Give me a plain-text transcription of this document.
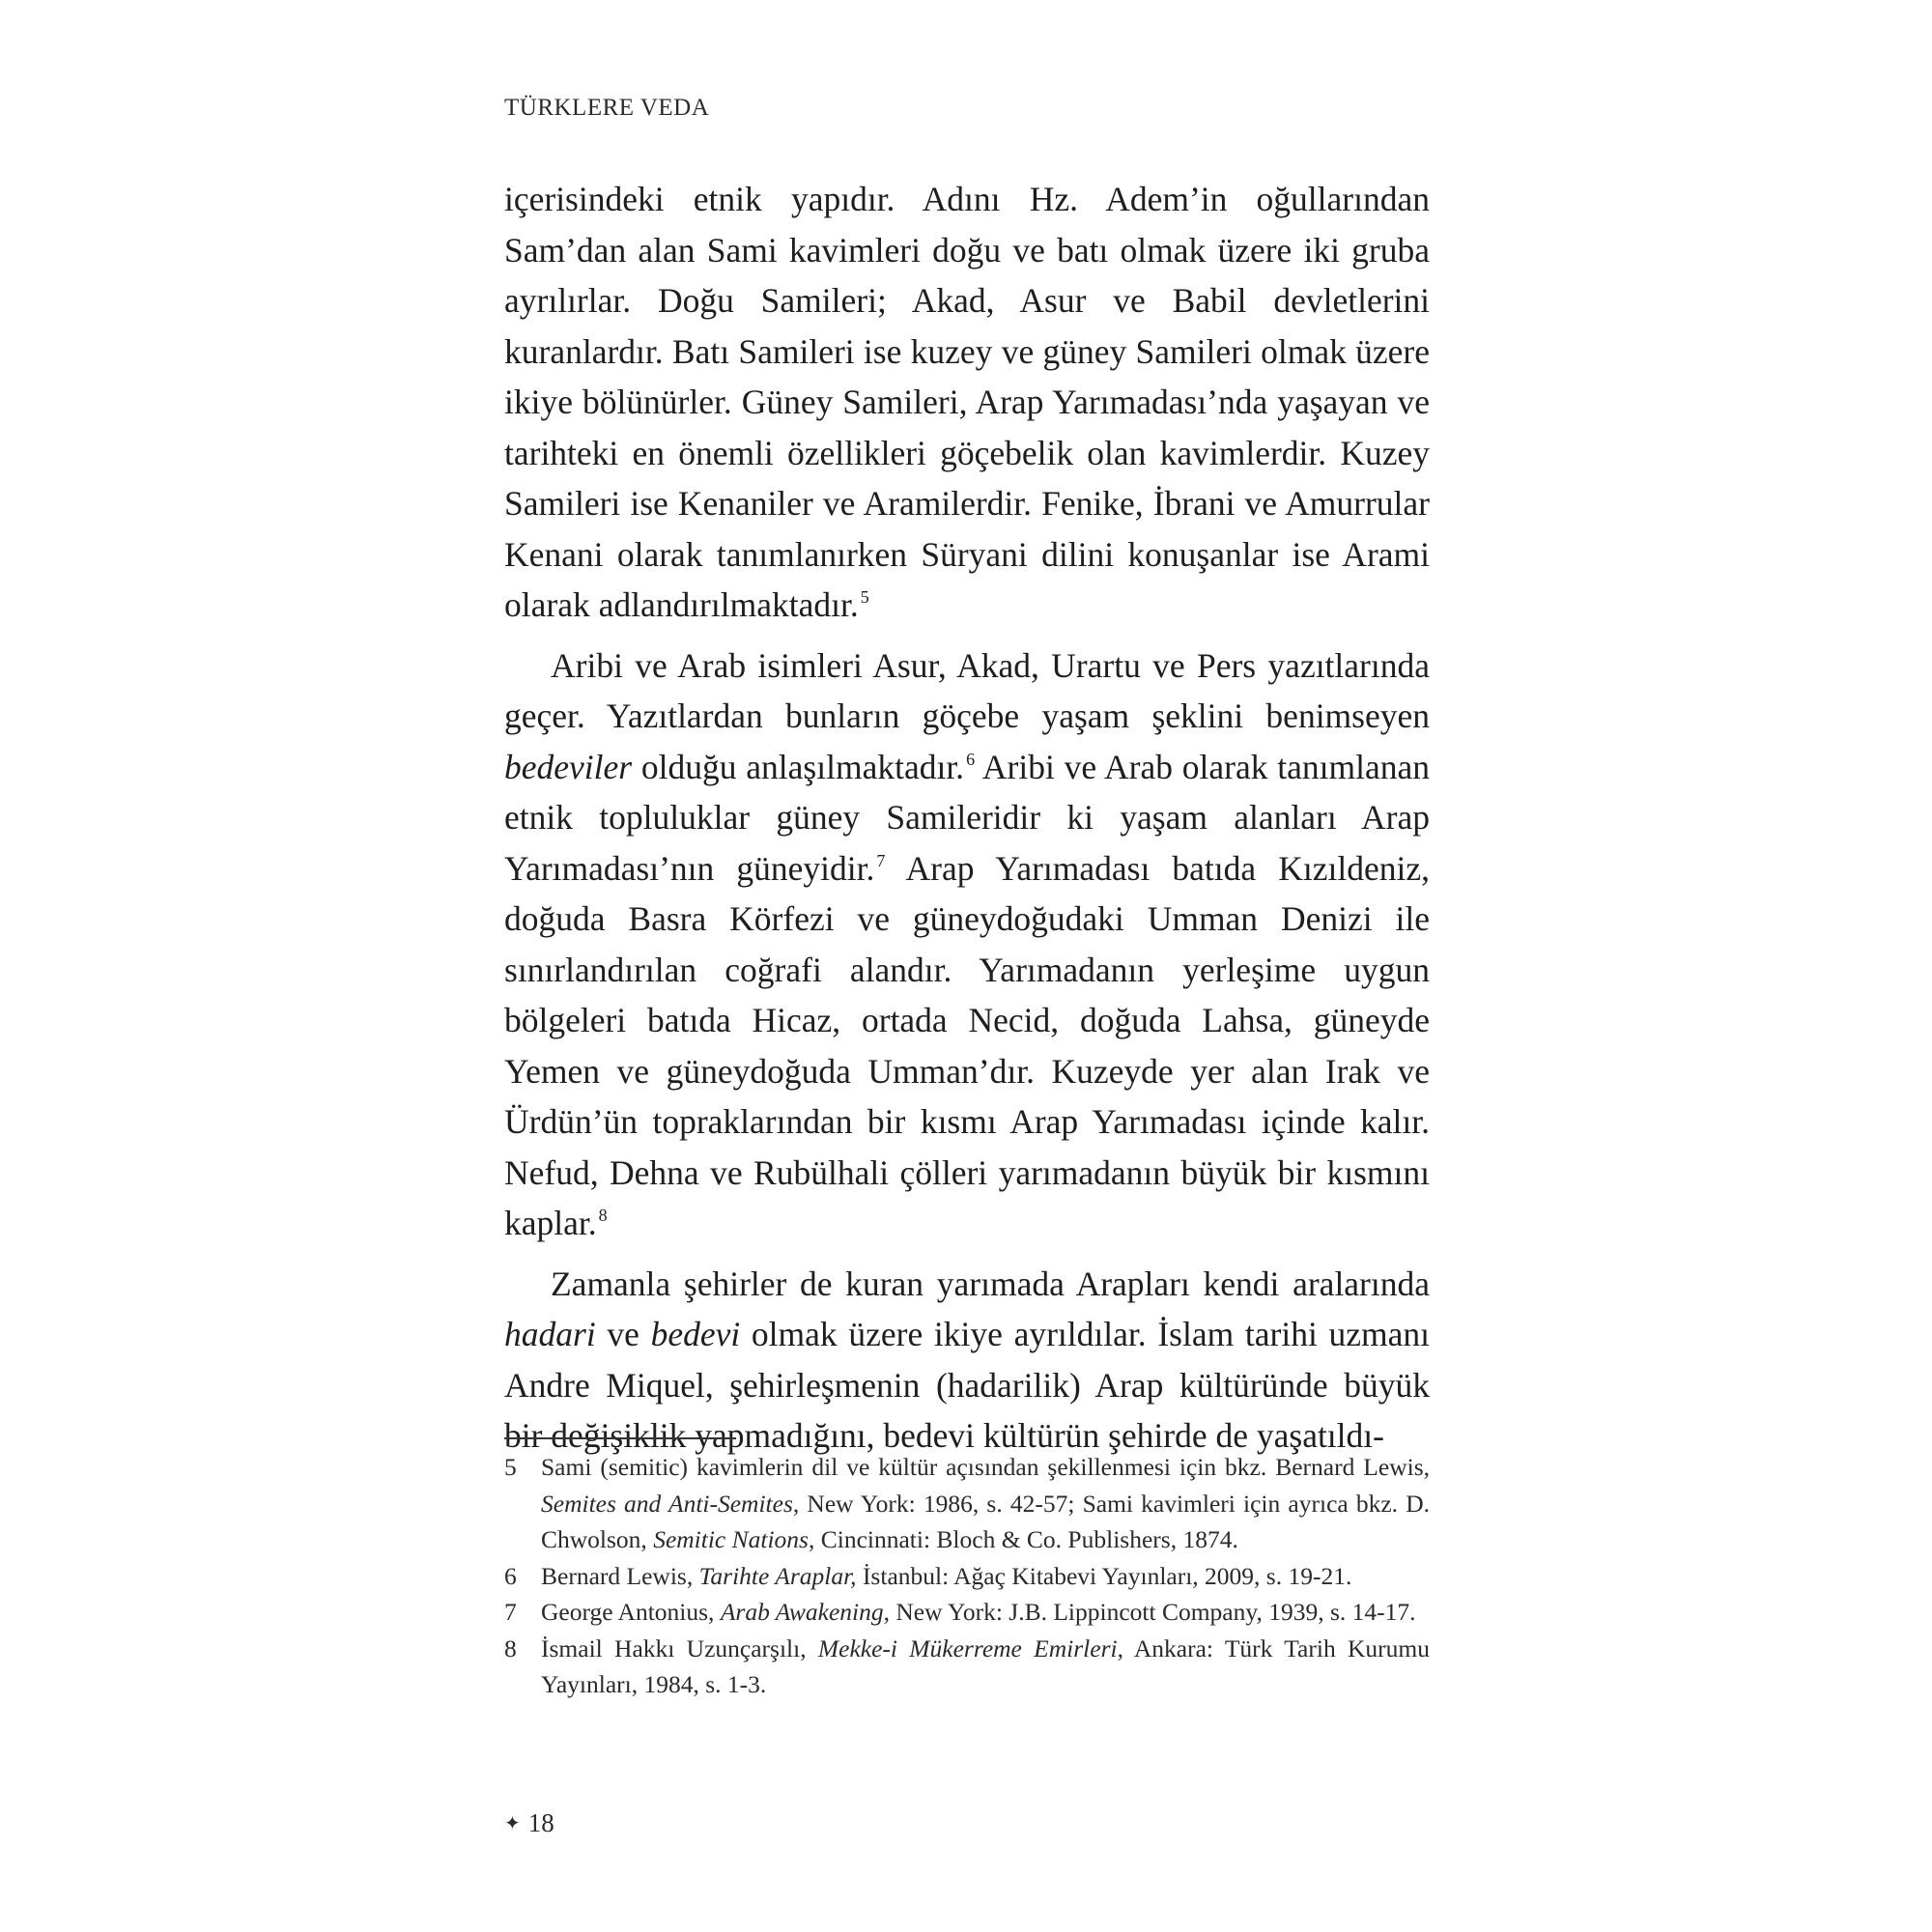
TÜRKLERE VEDA

içerisindeki etnik yapıdır. Adını Hz. Adem’in oğullarından Sam’dan alan Sami kavimleri doğu ve batı olmak üzere iki gruba ayrılırlar. Doğu Samileri; Akad, Asur ve Babil devletlerini kuranlardır. Batı Samileri ise kuzey ve güney Samileri olmak üzere ikiye bölünürler. Güney Samileri, Arap Yarımadası’nda yaşayan ve tarihteki en önemli özellikleri göçebelik olan kavimlerdir. Kuzey Samileri ise Kenaniler ve Aramilerdir. Fenike, İbrani ve Amurrular Kenani olarak tanımlanırken Süryani dilini konuşanlar ise Arami olarak adlandırılmaktadır. $^5$

Aribi ve Arab isimleri Asur, Akad, Urartu ve Pers yazıtlarında geçer. Yazıtlardan bunların göçebe yaşam şeklini benimseyen bedeviler olduğu anlaşılmaktadır. $^6$ Aribi ve Arab olarak tanımlanan etnik topluluklar güney Samileridir ki yaşam alanları Arap Yarımadası’nın güneyidir. $^7$ Arap Yarımadası batıda Kızıldeniz, doğuda Basra Körfezi ve güneydoğudaki Umman Denizi ile sınırlandırılan coğrafi alandır. Yarımadanın yerleşime uygun bölgeleri batıda Hicaz, ortada Necid, doğuda Lahsa, güneyde Yemen ve güneydoğuda Umman’dır. Kuzeyde yer alan Irak ve Ürdün’ün topraklarından bir kısmı Arap Yarımadası içinde kalır. Nefud, Dehna ve Rubülhali çölleri yarımadanın büyük bir kısmını kaplar. $^8$

Zamanla şehirler de kuran yarımada Arapları kendi aralarında hadari ve bedevi olmak üzere ikiye ayrıldılar. İslam tarihi uzmanı Andre Miquel, şehirleşmenin (hadarilik) Arap kültüründe büyük bir değişiklik yapmadığını, bedevi kültürün şehirde de yaşatıldı-

5 Sami (semitic) kavimlerin dil ve kültür açısından şekillenmesi için bkz. Bernard Lewis, Semites and Anti-Semites, New York: 1986, s. 42-57; Sami kavimleri için ayrıca bkz. D. Chwolson, Semitic Nations, Cincinnati: Bloch & Co. Publishers, 1874.
6 Bernard Lewis, Tarihte Araplar, İstanbul: Ağaç Kitabevi Yayınları, 2009, s. 19-21.
7 George Antonius, Arab Awakening, New York: J.B. Lippincott Company, 1939, s. 14-17.
8 İsmail Hakkı Uzunçarşılı, Mekke-i Mükerreme Emirleri, Ankara: Türk Tarih Kurumu Yayınları, 1984, s. 1-3.
✦ 18
